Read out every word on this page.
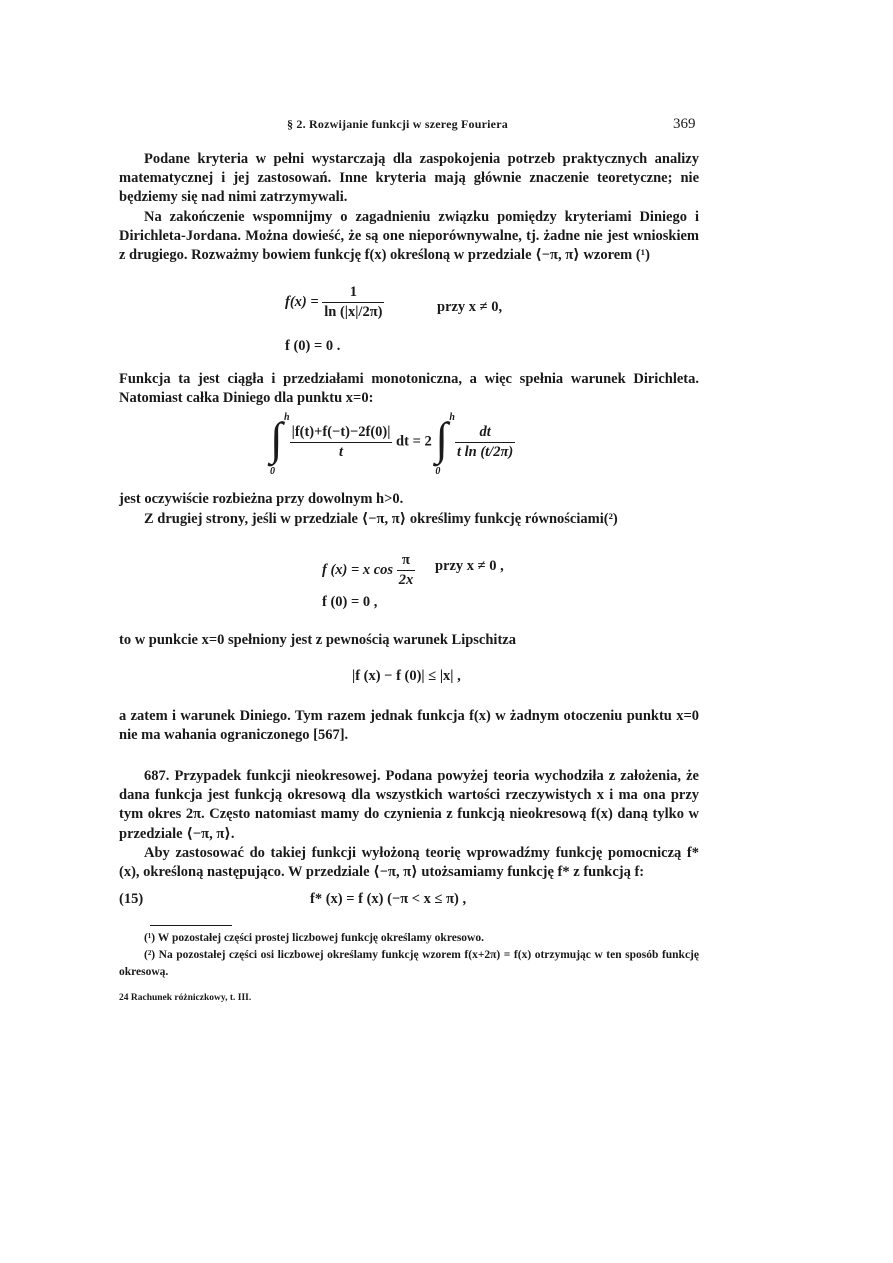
§ 2. Rozwijanie funkcji w szereg Fouriera	369
Podane kryteria w pełni wystarczają dla zaspokojenia potrzeb praktycznych analizy matematycznej i jej zastosowań. Inne kryteria mają głównie znaczenie teoretyczne; nie będziemy się nad nimi zatrzymywali.
Na zakończenie wspomnijmy o zagadnieniu związku pomiędzy kryteriami Diniego i Dirichleta-Jordana. Można dowieść, że są one nieporównywalne, tj. żadne nie jest wnioskiem z drugiego. Rozważmy bowiem funkcję f(x) określoną w przedziale ⟨−π, π⟩ wzorem (¹)
$f(x) = \frac{1}{\ln (|x|/2\pi)}$	przy x ≠ 0,
f (0) = 0 .
Funkcja ta jest ciągła i przedziałami monotoniczna, a więc spełnia warunek Dirichleta. Natomiast całka Diniego dla punktu x=0:
h
∫
0

$\frac{|f(t)+f(-t)-2f(0)|}{t}$ dt = 2
h
∫
0

$\frac{dt}{\text{t ln (t/2π)}}$
jest oczywiście rozbieżna przy dowolnym h>0.
Z drugiej strony, jeśli w przedziale ⟨−π, π⟩ określimy funkcję równościami(²)
f (x) = x $\cos \frac{\pi}{2x}$ przy x ≠ 0 ,
f (0) = 0 ,
to w punkcie x=0 spełniony jest z pewnością warunek Lipschitza
|f (x) − f (0)| ≤ |x| ,
a zatem i warunek Diniego. Tym razem jednak funkcja f(x) w żadnym otoczeniu punktu x=0 nie ma wahania ograniczonego [567].
687. Przypadek funkcji nieokresowej. Podana powyżej teoria wychodziła z założenia, że dana funkcja jest funkcją okresową dla wszystkich wartości rzeczywistych x i ma ona przy tym okres 2π. Często natomiast mamy do czynienia z funkcją nieokresową f(x) daną tylko w przedziale ⟨−π, π⟩.
Aby zastosować do takiej funkcji wyłożoną teorię wprowadźmy funkcję pomocniczą f* (x), określoną następująco. W przedziale ⟨−π, π⟩ utożsamiamy funkcję f* z funkcją f:
(15)	f* (x) = f (x) (−π < x ≤ π) ,
(¹) W pozostałej części prostej liczbowej funkcję określamy okresowo.
(²) Na pozostałej części osi liczbowej określamy funkcję wzorem f(x+2π) = f(x) otrzymując w ten sposób funkcję okresową.
24 Rachunek różniczkowy, t. III.
